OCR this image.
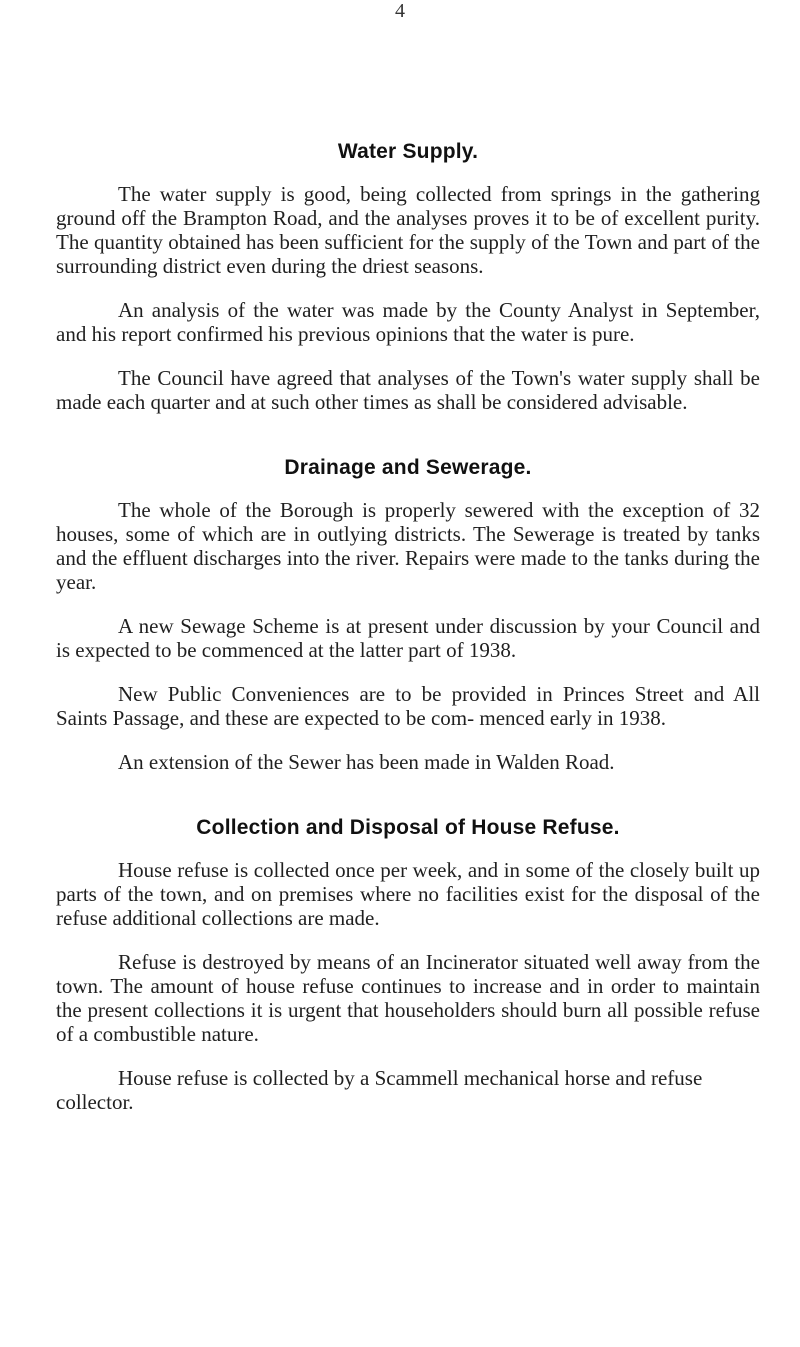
4
Water Supply.

The water supply is good, being collected from springs in the gathering ground off the Brampton Road, and the analyses proves it to be of excellent purity. The quantity obtained has been sufficient for the supply of the Town and part of the surrounding district even during the driest seasons.

An analysis of the water was made by the County Analyst in September, and his report confirmed his previous opinions that the water is pure.

The Council have agreed that analyses of the Town's water supply shall be made each quarter and at such other times as shall be considered advisable.

Drainage and Sewerage.

The whole of the Borough is properly sewered with the exception of 32 houses, some of which are in outlying districts. The Sewerage is treated by tanks and the effluent discharges into the river. Repairs were made to the tanks during the year.

A new Sewage Scheme is at present under discussion by your Council and is expected to be commenced at the latter part of 1938.

New Public Conveniences are to be provided in Princes Street and All Saints Passage, and these are expected to be com- menced early in 1938.

An extension of the Sewer has been made in Walden Road.

Collection and Disposal of House Refuse.

House refuse is collected once per week, and in some of the closely built up parts of the town, and on premises where no facilities exist for the disposal of the refuse additional collections are made.

Refuse is destroyed by means of an Incinerator situated well away from the town. The amount of house refuse continues to increase and in order to maintain the present collections it is urgent that householders should burn all possible refuse of a combustible nature.

House refuse is collected by a Scammell mechanical horse and refuse collector.
